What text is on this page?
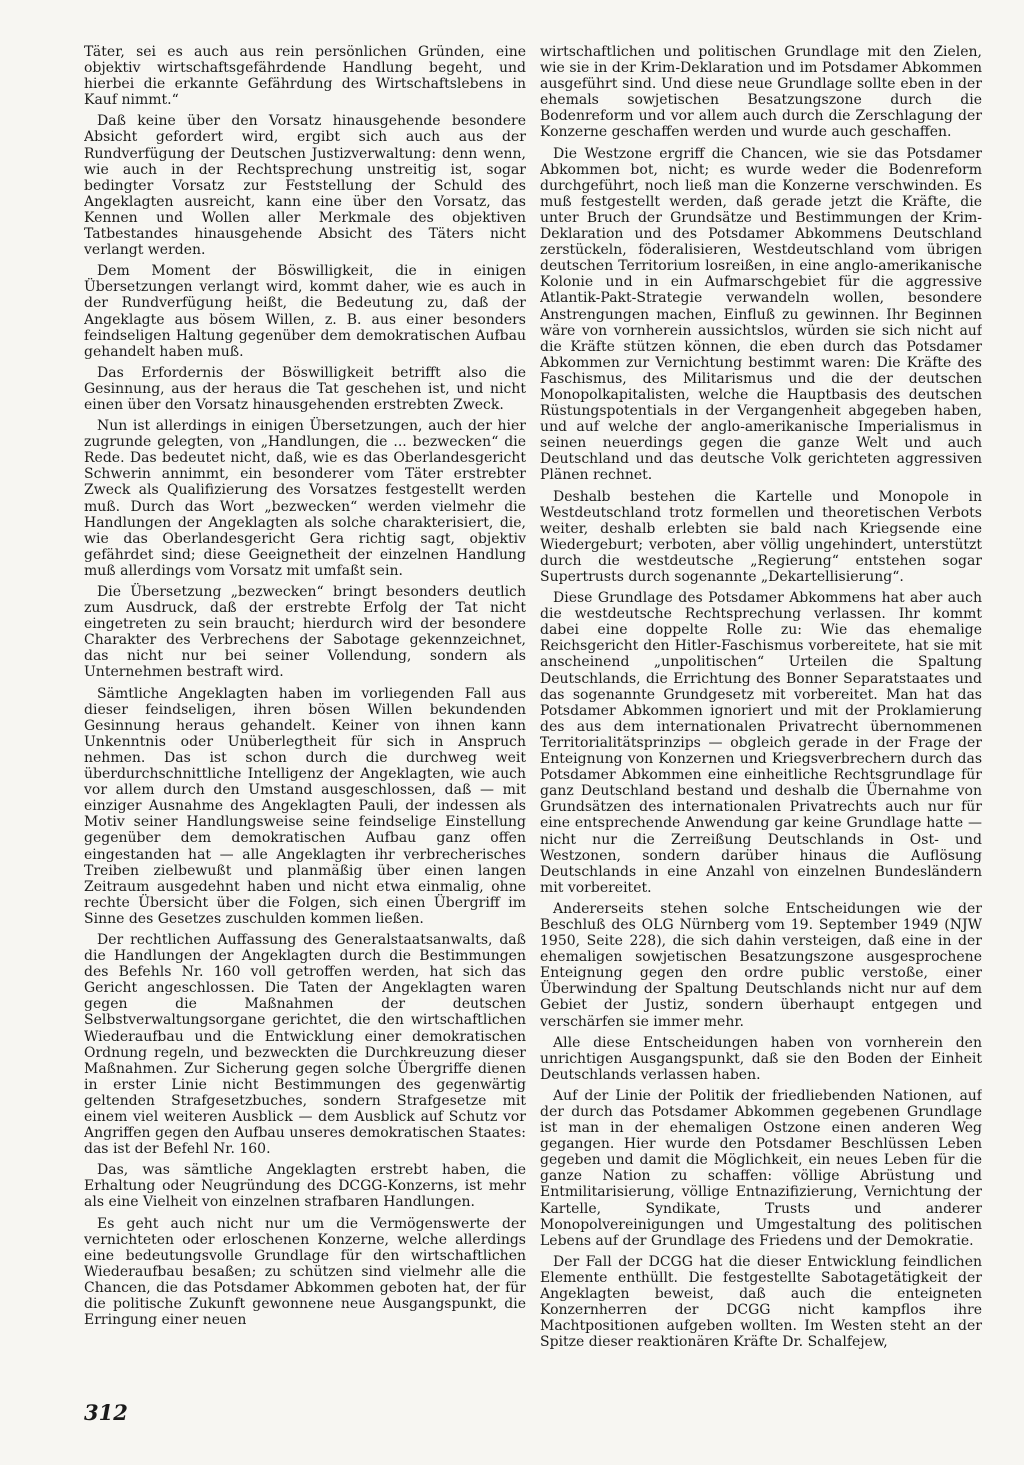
Täter, sei es auch aus rein persönlichen Gründen, eine objektiv wirtschaftsgefährdende Handlung begeht, und hierbei die erkannte Gefährdung des Wirtschaftslebens in Kauf nimmt.“

Daß keine über den Vorsatz hinausgehende besondere Absicht gefordert wird, ergibt sich auch aus der Rundverfügung der Deutschen Justizverwaltung: denn wenn, wie auch in der Rechtsprechung unstreitig ist, sogar bedingter Vorsatz zur Feststellung der Schuld des Angeklagten ausreicht, kann eine über den Vorsatz, das Kennen und Wollen aller Merkmale des objektiven Tatbestandes hinausgehende Absicht des Täters nicht verlangt werden.

Dem Moment der Böswilligkeit, die in einigen Übersetzungen verlangt wird, kommt daher, wie es auch in der Rundverfügung heißt, die Bedeutung zu, daß der Angeklagte aus bösem Willen, z. B. aus einer besonders feindseligen Haltung gegenüber dem demokratischen Aufbau gehandelt haben muß.

Das Erfordernis der Böswilligkeit betrifft also die Gesinnung, aus der heraus die Tat geschehen ist, und nicht einen über den Vorsatz hinausgehenden erstrebten Zweck.

Nun ist allerdings in einigen Übersetzungen, auch der hier zugrunde gelegten, von „Handlungen, die ... bezwecken“ die Rede. Das bedeutet nicht, daß, wie es das Oberlandesgericht Schwerin annimmt, ein besonderer vom Täter erstrebter Zweck als Qualifizierung des Vorsatzes festgestellt werden muß. Durch das Wort „bezwecken“ werden vielmehr die Handlungen der Angeklagten als solche charakterisiert, die, wie das Oberlandesgericht Gera richtig sagt, objektiv gefährdet sind; diese Geeignetheit der einzelnen Handlung muß allerdings vom Vorsatz mit umfaßt sein.

Die Übersetzung „bezwecken“ bringt besonders deutlich zum Ausdruck, daß der erstrebte Erfolg der Tat nicht eingetreten zu sein braucht; hierdurch wird der besondere Charakter des Verbrechens der Sabotage gekennzeichnet, das nicht nur bei seiner Vollendung, sondern als Unternehmen bestraft wird.

Sämtliche Angeklagten haben im vorliegenden Fall aus dieser feindseligen, ihren bösen Willen bekundenden Gesinnung heraus gehandelt. Keiner von ihnen kann Unkenntnis oder Unüberlegtheit für sich in Anspruch nehmen. Das ist schon durch die durchweg weit überdurchschnittliche Intelligenz der Angeklagten, wie auch vor allem durch den Umstand ausgeschlossen, daß — mit einziger Ausnahme des Angeklagten Pauli, der indessen als Motiv seiner Handlungsweise seine feindselige Einstellung gegenüber dem demokratischen Aufbau ganz offen eingestanden hat — alle Angeklagten ihr verbrecherisches Treiben zielbewußt und planmäßig über einen langen Zeitraum ausgedehnt haben und nicht etwa einmalig, ohne rechte Übersicht über die Folgen, sich einen Übergriff im Sinne des Gesetzes zuschulden kommen ließen.

Der rechtlichen Auffassung des Generalstaatsanwalts, daß die Handlungen der Angeklagten durch die Bestimmungen des Befehls Nr. 160 voll getroffen werden, hat sich das Gericht angeschlossen. Die Taten der Angeklagten waren gegen die Maßnahmen der deutschen Selbstverwaltungsorgane gerichtet, die den wirtschaftlichen Wiederaufbau und die Entwicklung einer demokratischen Ordnung regeln, und bezweckten die Durchkreuzung dieser Maßnahmen. Zur Sicherung gegen solche Übergriffe dienen in erster Linie nicht Bestimmungen des gegenwärtig geltenden Strafgesetzbuches, sondern Strafgesetze mit einem viel weiteren Ausblick — dem Ausblick auf Schutz vor Angriffen gegen den Aufbau unseres demokratischen Staates: das ist der Befehl Nr. 160.

Das, was sämtliche Angeklagten erstrebt haben, die Erhaltung oder Neugründung des DCGG-Konzerns, ist mehr als eine Vielheit von einzelnen strafbaren Handlungen.

Es geht auch nicht nur um die Vermögenswerte der vernichteten oder erloschenen Konzerne, welche allerdings eine bedeutungsvolle Grundlage für den wirtschaftlichen Wiederaufbau besaßen; zu schützen sind vielmehr alle die Chancen, die das Potsdamer Abkommen geboten hat, der für die politische Zukunft gewonnene neue Ausgangspunkt, die Erringung einer neuen

wirtschaftlichen und politischen Grundlage mit den Zielen, wie sie in der Krim-Deklaration und im Potsdamer Abkommen ausgeführt sind. Und diese neue Grundlage sollte eben in der ehemals sowjetischen Besatzungszone durch die Bodenreform und vor allem auch durch die Zerschlagung der Konzerne geschaffen werden und wurde auch geschaffen.

Die Westzone ergriff die Chancen, wie sie das Potsdamer Abkommen bot, nicht; es wurde weder die Bodenreform durchgeführt, noch ließ man die Konzerne verschwinden. Es muß festgestellt werden, daß gerade jetzt die Kräfte, die unter Bruch der Grundsätze und Bestimmungen der Krim-Deklaration und des Potsdamer Abkommens Deutschland zerstückeln, föderalisieren, Westdeutschland vom übrigen deutschen Territorium losreißen, in eine anglo-amerikanische Kolonie und in ein Aufmarschgebiet für die aggressive Atlantik-Pakt-Strategie verwandeln wollen, besondere Anstrengungen machen, Einfluß zu gewinnen. Ihr Beginnen wäre von vornherein aussichtslos, würden sie sich nicht auf die Kräfte stützen können, die eben durch das Potsdamer Abkommen zur Vernichtung bestimmt waren: Die Kräfte des Faschismus, des Militarismus und die der deutschen Monopolkapitalisten, welche die Hauptbasis des deutschen Rüstungspotentials in der Vergangenheit abgegeben haben, und auf welche der anglo-amerikanische Imperialismus in seinen neuerdings gegen die ganze Welt und auch Deutschland und das deutsche Volk gerichteten aggressiven Plänen rechnet.

Deshalb bestehen die Kartelle und Monopole in Westdeutschland trotz formellen und theoretischen Verbots weiter, deshalb erlebten sie bald nach Kriegsende eine Wiedergeburt; verboten, aber völlig ungehindert, unterstützt durch die westdeutsche „Regierung“ entstehen sogar Supertrusts durch sogenannte „Dekartellisierung“.

Diese Grundlage des Potsdamer Abkommens hat aber auch die westdeutsche Rechtsprechung verlassen. Ihr kommt dabei eine doppelte Rolle zu: Wie das ehemalige Reichsgericht den Hitler-Faschismus vorbereitete, hat sie mit anscheinend „unpolitischen“ Urteilen die Spaltung Deutschlands, die Errichtung des Bonner Separatstaates und das sogenannte Grundgesetz mit vorbereitet. Man hat das Potsdamer Abkommen ignoriert und mit der Proklamierung des aus dem internationalen Privatrecht übernommenen Territorialitätsprinzips — obgleich gerade in der Frage der Enteignung von Konzernen und Kriegsverbrechern durch das Potsdamer Abkommen eine einheitliche Rechtsgrundlage für ganz Deutschland bestand und deshalb die Übernahme von Grundsätzen des internationalen Privatrechts auch nur für eine entsprechende Anwendung gar keine Grundlage hatte — nicht nur die Zerreißung Deutschlands in Ost- und Westzonen, sondern darüber hinaus die Auflösung Deutschlands in eine Anzahl von einzelnen Bundesländern mit vorbereitet.

Andererseits stehen solche Entscheidungen wie der Beschluß des OLG Nürnberg vom 19. September 1949 (NJW 1950, Seite 228), die sich dahin versteigen, daß eine in der ehemaligen sowjetischen Besatzungszone ausgesprochene Enteignung gegen den ordre public verstoße, einer Überwindung der Spaltung Deutschlands nicht nur auf dem Gebiet der Justiz, sondern überhaupt entgegen und verschärfen sie immer mehr.

Alle diese Entscheidungen haben von vornherein den unrichtigen Ausgangspunkt, daß sie den Boden der Einheit Deutschlands verlassen haben.

Auf der Linie der Politik der friedliebenden Nationen, auf der durch das Potsdamer Abkommen gegebenen Grundlage ist man in der ehemaligen Ostzone einen anderen Weg gegangen. Hier wurde den Potsdamer Beschlüssen Leben gegeben und damit die Möglichkeit, ein neues Leben für die ganze Nation zu schaffen: völlige Abrüstung und Entmilitarisierung, völlige Entnazifizierung, Vernichtung der Kartelle, Syndikate, Trusts und anderer Monopolvereinigungen und Umgestaltung des politischen Lebens auf der Grundlage des Friedens und der Demokratie.

Der Fall der DCGG hat die dieser Entwicklung feindlichen Elemente enthüllt. Die festgestellte Sabotagetätigkeit der Angeklagten beweist, daß auch die enteigneten Konzernherren der DCGG nicht kampflos ihre Machtpositionen aufgeben wollten. Im Westen steht an der Spitze dieser reaktionären Kräfte Dr. Schalfejew,

312
